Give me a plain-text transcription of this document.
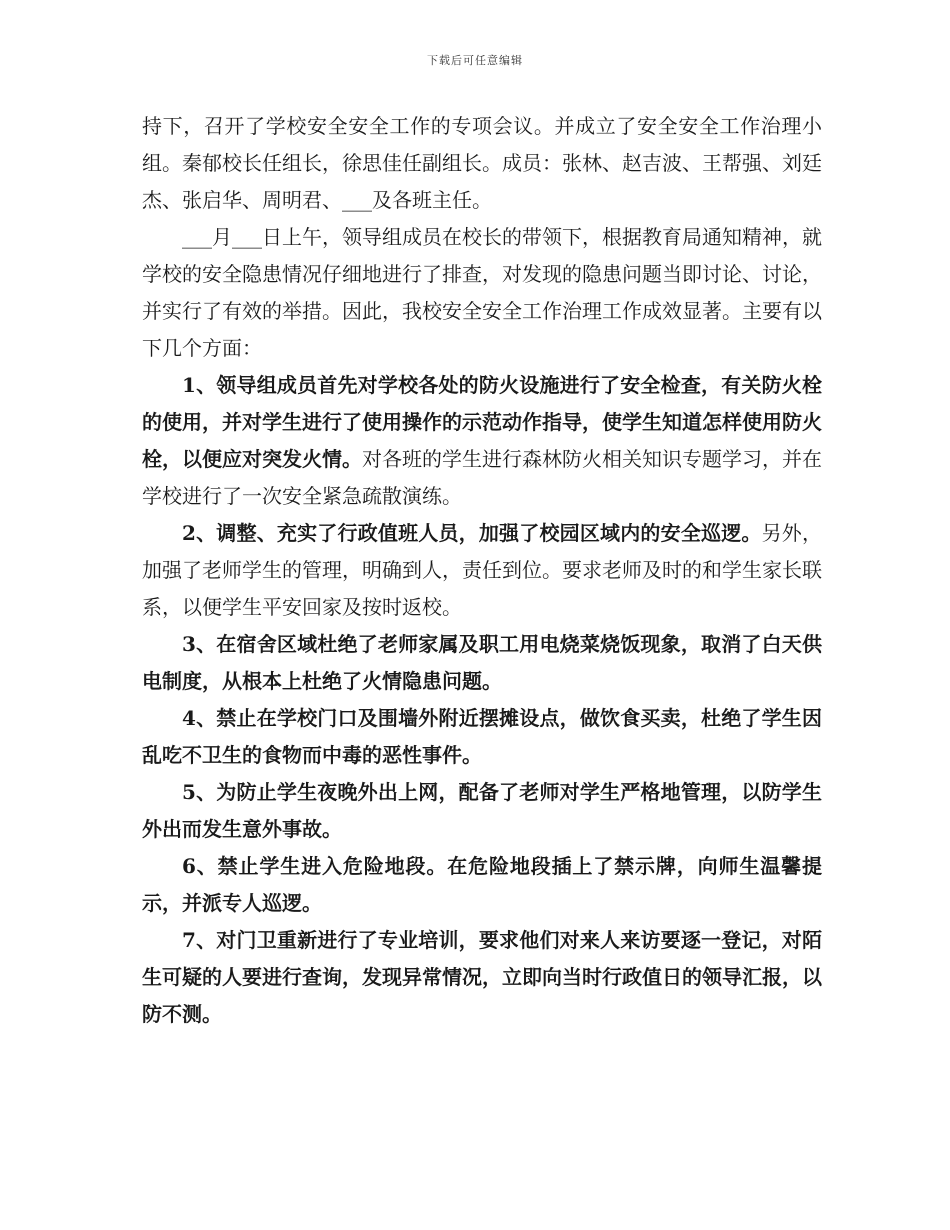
下载后可任意编辑

持下，召开了学校安全安全工作的专项会议。并成立了安全安全工作治理小组。秦郁校长任组长，徐思佳任副组长。成员：张林、赵吉波、王帮强、刘廷杰、张启华、周明君、___及各班主任。

___月___日上午，领导组成员在校长的带领下，根据教育局通知精神，就学校的安全隐患情况仔细地进行了排查，对发现的隐患问题当即讨论、讨论，并实行了有效的举措。因此，我校安全安全工作治理工作成效显著。主要有以下几个方面：

1、领导组成员首先对学校各处的防火设施进行了安全检查，有关防火栓的使用，并对学生进行了使用操作的示范动作指导，使学生知道怎样使用防火栓，以便应对突发火情。对各班的学生进行森林防火相关知识专题学习，并在学校进行了一次安全紧急疏散演练。

2、调整、充实了行政值班人员，加强了校园区域内的安全巡逻。另外，加强了老师学生的管理，明确到人，责任到位。要求老师及时的和学生家长联系，以便学生平安回家及按时返校。

3、在宿舍区域杜绝了老师家属及职工用电烧菜烧饭现象，取消了白天供电制度，从根本上杜绝了火情隐患问题。

4、禁止在学校门口及围墙外附近摆摊设点，做饮食买卖，杜绝了学生因乱吃不卫生的食物而中毒的恶性事件。

5、为防止学生夜晚外出上网，配备了老师对学生严格地管理，以防学生外出而发生意外事故。

6、禁止学生进入危险地段。在危险地段插上了禁示牌，向师生温馨提示，并派专人巡逻。

7、对门卫重新进行了专业培训，要求他们对来人来访要逐一登记，对陌生可疑的人要进行查询，发现异常情况，立即向当时行政值日的领导汇报，以防不测。
